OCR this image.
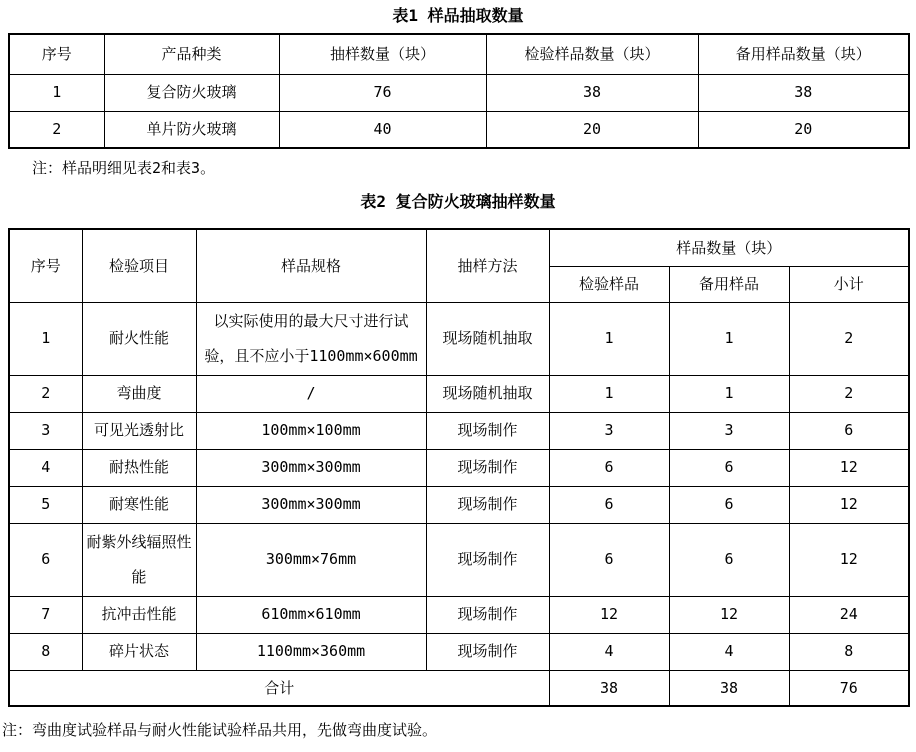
表1 样品抽取数量
序号	产品种类	抽样数量（块）	检验样品数量（块）	备用样品数量（块）
1	复合防火玻璃	76	38	38
2	单片防火玻璃	40	20	20
注：样品明细见表2和表3。
表2 复合防火玻璃抽样数量
序号	检验项目	样品规格	抽样方法	样品数量（块）		
				检验样品	备用样品	小计
1	耐火性能	以实际使用的最大尺寸进行试验，且不应小于1100mm×600mm	现场随机抽取	1	1	2
2	弯曲度	/	现场随机抽取	1	1	2
3	可见光透射比	100mm×100mm	现场制作	3	3	6
4	耐热性能	300mm×300mm	现场制作	6	6	12
5	耐寒性能	300mm×300mm	现场制作	6	6	12
6	耐紫外线辐照性能	300mm×76mm	现场制作	6	6	12
7	抗冲击性能	610mm×610mm	现场制作	12	12	24
8	碎片状态	1100mm×360mm	现场制作	4	4	8
合计				38	38	76
注：弯曲度试验样品与耐火性能试验样品共用，先做弯曲度试验。
